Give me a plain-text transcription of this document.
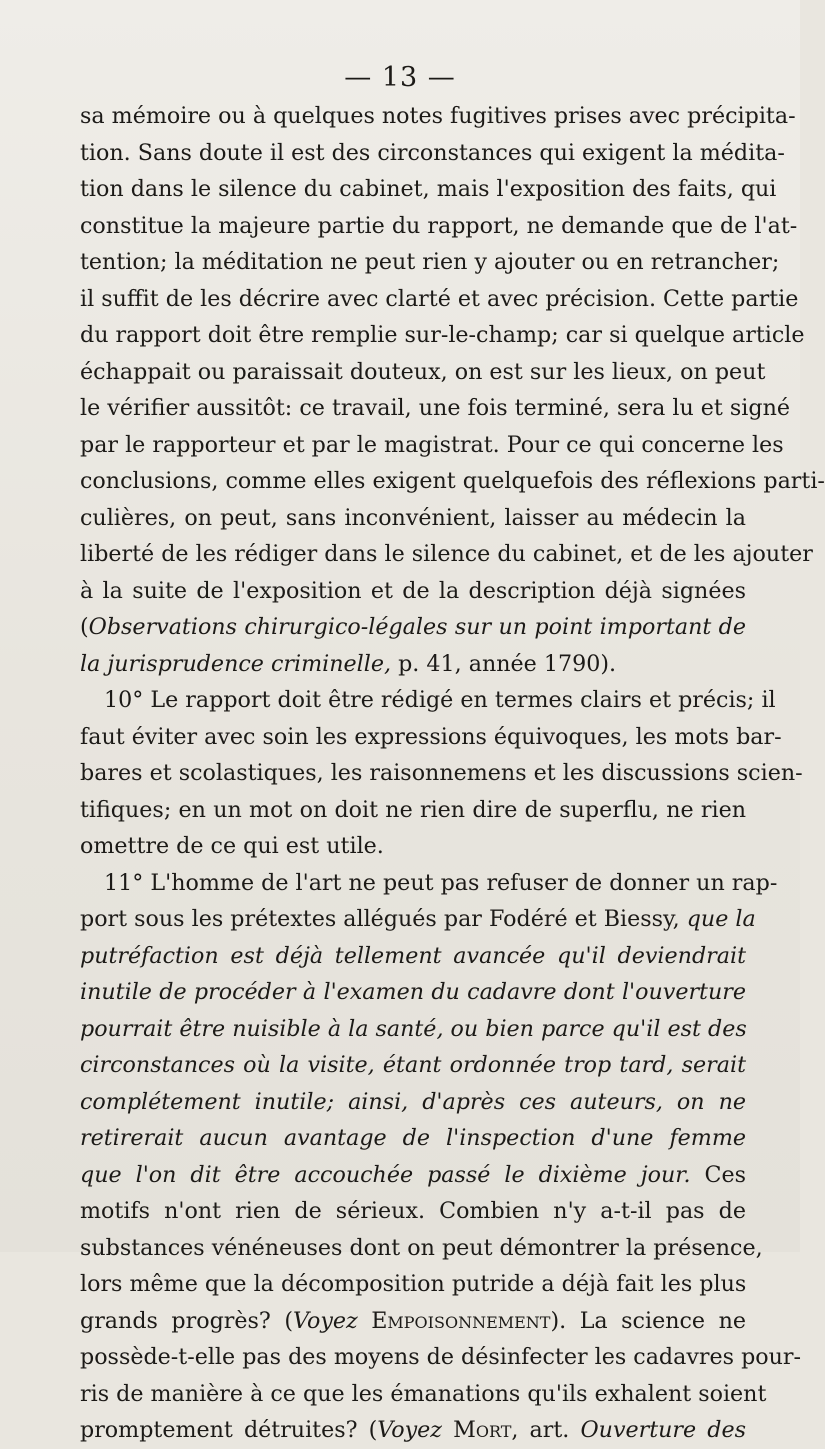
— 13 —
sa mémoire ou à quelques notes fugitives prises avec précipita-
tion. Sans doute il est des circonstances qui exigent la médita-
tion dans le silence du cabinet, mais l'exposition des faits, qui
constitue la majeure partie du rapport, ne demande que de l'at-
tention; la méditation ne peut rien y ajouter ou en retrancher;
il suffit de les décrire avec clarté et avec précision. Cette partie
du rapport doit être remplie sur-le-champ; car si quelque article
échappait ou paraissait douteux, on est sur les lieux, on peut
le vérifier aussitôt: ce travail, une fois terminé, sera lu et signé
par le rapporteur et par le magistrat. Pour ce qui concerne les
conclusions, comme elles exigent quelquefois des réflexions parti-
culières, on peut, sans inconvénient, laisser au médecin la
liberté de les rédiger dans le silence du cabinet, et de les ajouter
à la suite de l'exposition et de la description déjà signées
(Observations chirurgico-légales sur un point important de
la jurisprudence criminelle, p. 41, année 1790).
10° Le rapport doit être rédigé en termes clairs et précis; il
faut éviter avec soin les expressions équivoques, les mots bar-
bares et scolastiques, les raisonnemens et les discussions scien-
tifiques; en un mot on doit ne rien dire de superflu, ne rien
omettre de ce qui est utile.
11° L'homme de l'art ne peut pas refuser de donner un rap-
port sous les prétextes allégués par Fodéré et Biessy, que la
putréfaction est déjà tellement avancée qu'il deviendrait
inutile de procéder à l'examen du cadavre dont l'ouverture
pourrait être nuisible à la santé, ou bien parce qu'il est des
circonstances où la visite, étant ordonnée trop tard, serait
complétement inutile; ainsi, d'après ces auteurs, on ne
retirerait aucun avantage de l'inspection d'une femme
que l'on dit être accouchée passé le dixième jour. Ces
motifs n'ont rien de sérieux. Combien n'y a-t-il pas de
substances vénéneuses dont on peut démontrer la présence,
lors même que la décomposition putride a déjà fait les plus
grands progrès? (Voyez Empoisonnement). La science ne
possède-t-elle pas des moyens de désinfecter les cadavres pour-
ris de manière à ce que les émanations qu'ils exhalent soient
promptement détruites? (Voyez Mort, art. Ouverture des
